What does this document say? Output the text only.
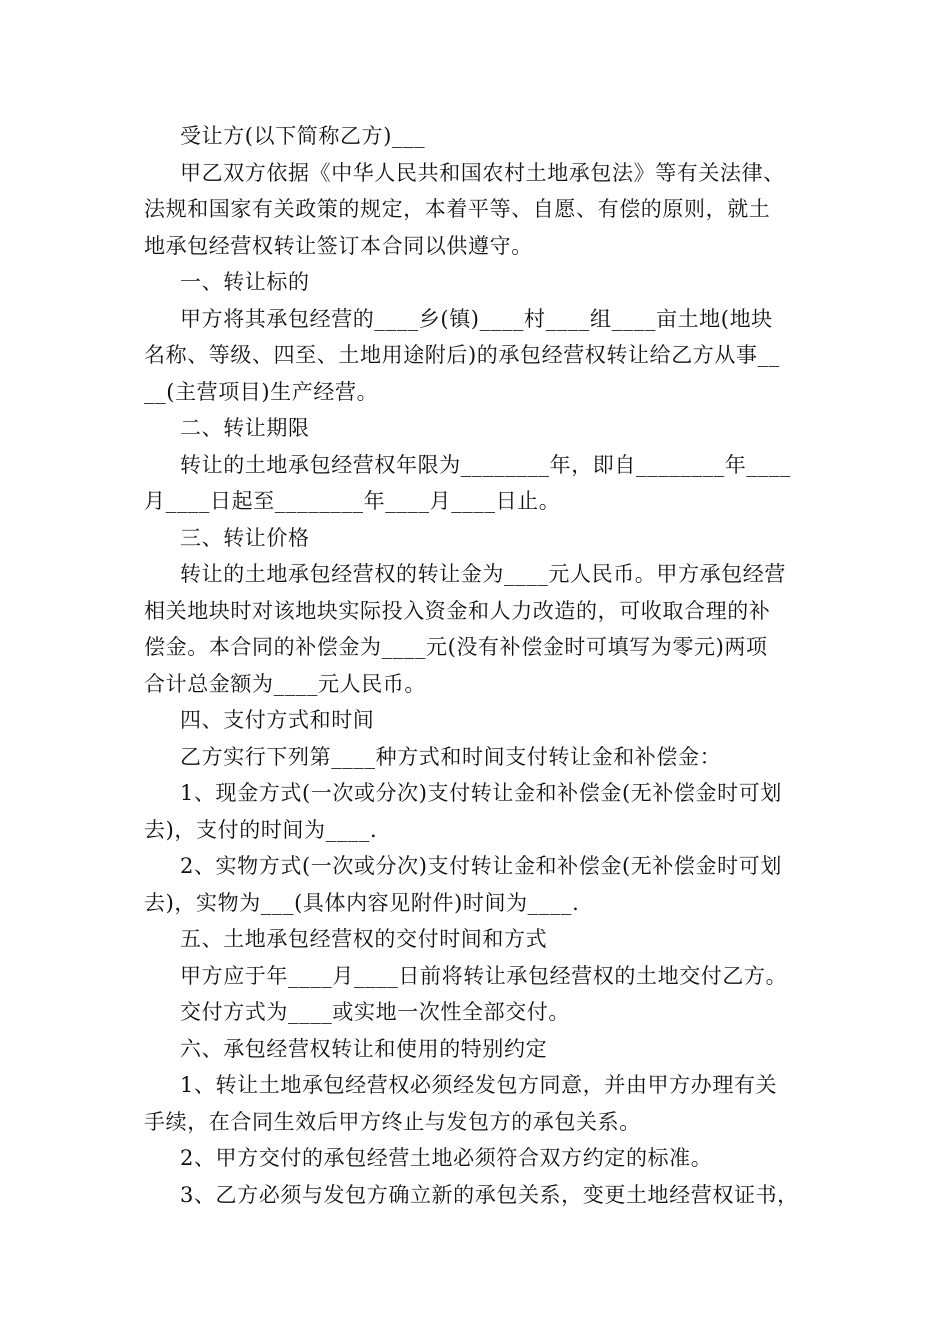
受让方(以下简称乙方)___
甲乙双方依据《中华人民共和国农村土地承包法》等有关法律、
法规和国家有关政策的规定，本着平等、自愿、有偿的原则，就土
地承包经营权转让签订本合同以供遵守。
一、转让标的
甲方将其承包经营的____乡(镇)____村____组____亩土地(地块
名称、等级、四至、土地用途附后)的承包经营权转让给乙方从事__
__(主营项目)生产经营。
二、转让期限
转让的土地承包经营权年限为________年，即自________年____
月____日起至________年____月____日止。
三、转让价格
转让的土地承包经营权的转让金为____元人民币。甲方承包经营
相关地块时对该地块实际投入资金和人力改造的，可收取合理的补
偿金。本合同的补偿金为____元(没有补偿金时可填写为零元)两项
合计总金额为____元人民币。
四、支付方式和时间
乙方实行下列第____种方式和时间支付转让金和补偿金：
1、现金方式(一次或分次)支付转让金和补偿金(无补偿金时可划
去)，支付的时间为____.
2、实物方式(一次或分次)支付转让金和补偿金(无补偿金时可划
去)，实物为___(具体内容见附件)时间为____.
五、土地承包经营权的交付时间和方式
甲方应于年____月____日前将转让承包经营权的土地交付乙方。
交付方式为____或实地一次性全部交付。
六、承包经营权转让和使用的特别约定
1、转让土地承包经营权必须经发包方同意，并由甲方办理有关
手续，在合同生效后甲方终止与发包方的承包关系。
2、甲方交付的承包经营土地必须符合双方约定的标准。
3、乙方必须与发包方确立新的承包关系，变更土地经营权证书，
